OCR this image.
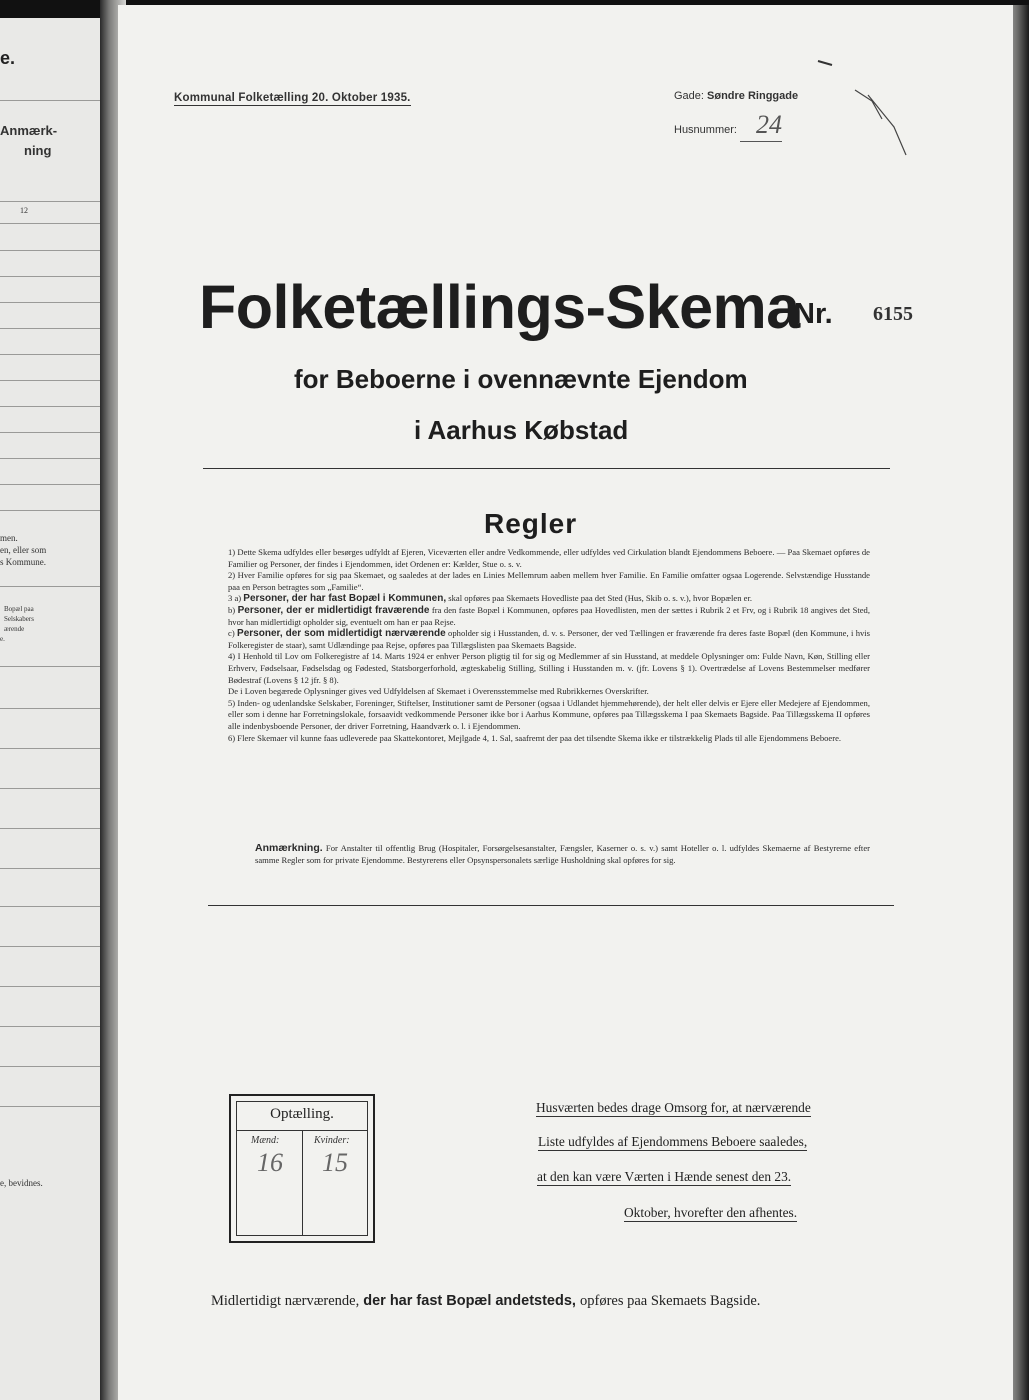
e.
Anmærk-
ning
12
men.
en, eller som
s Kommune.
Bopæl paa
Selskabers
ærende
e.
e, bevidnes.
Kommunal Folketælling 20. Oktober 1935.	Gade: Søndre Ringgade
Husnummer: 24
Folketællings-Skema
Nr. 6155
for Beboerne i ovennævnte Ejendom
i Aarhus Købstad
Regler

1) Dette Skema udfyldes eller besørges udfyldt af Ejeren, Viceværten eller andre Vedkommende, eller udfyldes ved Cirkulation blandt Ejendommens Beboere. — Paa Skemaet opføres de Familier og Personer, der findes i Ejendommen, idet Ordenen er: Kælder, Stue o. s. v.

2) Hver Familie opføres for sig paa Skemaet, og saaledes at der lades en Linies Mellemrum aaben mellem hver Familie. En Familie omfatter ogsaa Logerende. Selvstændige Husstande paa en Person betragtes som „Familie“.

3 a) Personer, der har fast Bopæl i Kommunen, skal opføres paa Skemaets Hovedliste paa det Sted (Hus, Skib o. s. v.), hvor Bopælen er.

b) Personer, der er midlertidigt fraværende fra den faste Bopæl i Kommunen, opføres paa Hovedlisten, men der sættes i Rubrik 2 et Frv, og i Rubrik 18 angives det Sted, hvor han midlertidigt opholder sig, eventuelt om han er paa Rejse.

c) Personer, der som midlertidigt nærværende opholder sig i Husstanden, d. v. s. Personer, der ved Tællingen er fraværende fra deres faste Bopæl (den Kommune, i hvis Folkeregister de staar), samt Udlændinge paa Rejse, opføres paa Tillægslisten paa Skemaets Bagside.

4) I Henhold til Lov om Folkeregistre af 14. Marts 1924 er enhver Person pligtig til for sig og Medlemmer af sin Husstand, at meddele Oplysninger om: Fulde Navn, Køn, Stilling eller Erhverv, Fødselsaar, Fødselsdag og Fødested, Statsborgerforhold, ægteskabelig Stilling, Stilling i Husstanden m. v. (jfr. Lovens § 1). Overtrædelse af Lovens Bestemmelser medfører Bødestraf (Lovens § 12 jfr. § 8).

De i Loven begærede Oplysninger gives ved Udfyldelsen af Skemaet i Overensstemmelse med Rubrikkernes Overskrifter.

5) Inden- og udenlandske Selskaber, Foreninger, Stiftelser, Institutioner samt de Personer (ogsaa i Udlandet hjemmehørende), der helt eller delvis er Ejere eller Medejere af Ejendommen, eller som i denne har Forretningslokale, forsaavidt vedkommende Personer ikke bor i Aarhus Kommune, opføres paa Tillægsskema I paa Skemaets Bagside. Paa Tillægsskema II opføres alle indenbysboende Personer, der driver Forretning, Haandværk o. l. i Ejendommen.

6) Flere Skemaer vil kunne faas udleverede paa Skattekontoret, Mejlgade 4, 1. Sal, saafremt der paa det tilsendte Skema ikke er tilstrækkelig Plads til alle Ejendommens Beboere.

Anmærkning. For Anstalter til offentlig Brug (Hospitaler, Forsørgelsesanstalter, Fængsler, Kaserner o. s. v.) samt Hoteller o. l. udfyldes Skemaerne af Bestyrerne efter samme Regler som for private Ejendomme. Bestyrerens eller Opsynspersonalets særlige Husholdning skal opføres for sig.
Optælling.
Mænd:	Kvinder:
16 15
Husværten bedes drage Omsorg for, at nærværende
Liste udfyldes af Ejendommens Beboere saaledes,
at den kan være Værten i Hænde senest den 23.
Oktober, hvorefter den afhentes.
Midlertidigt nærværende, der har fast Bopæl andetsteds, opføres paa Skemaets Bagside.
